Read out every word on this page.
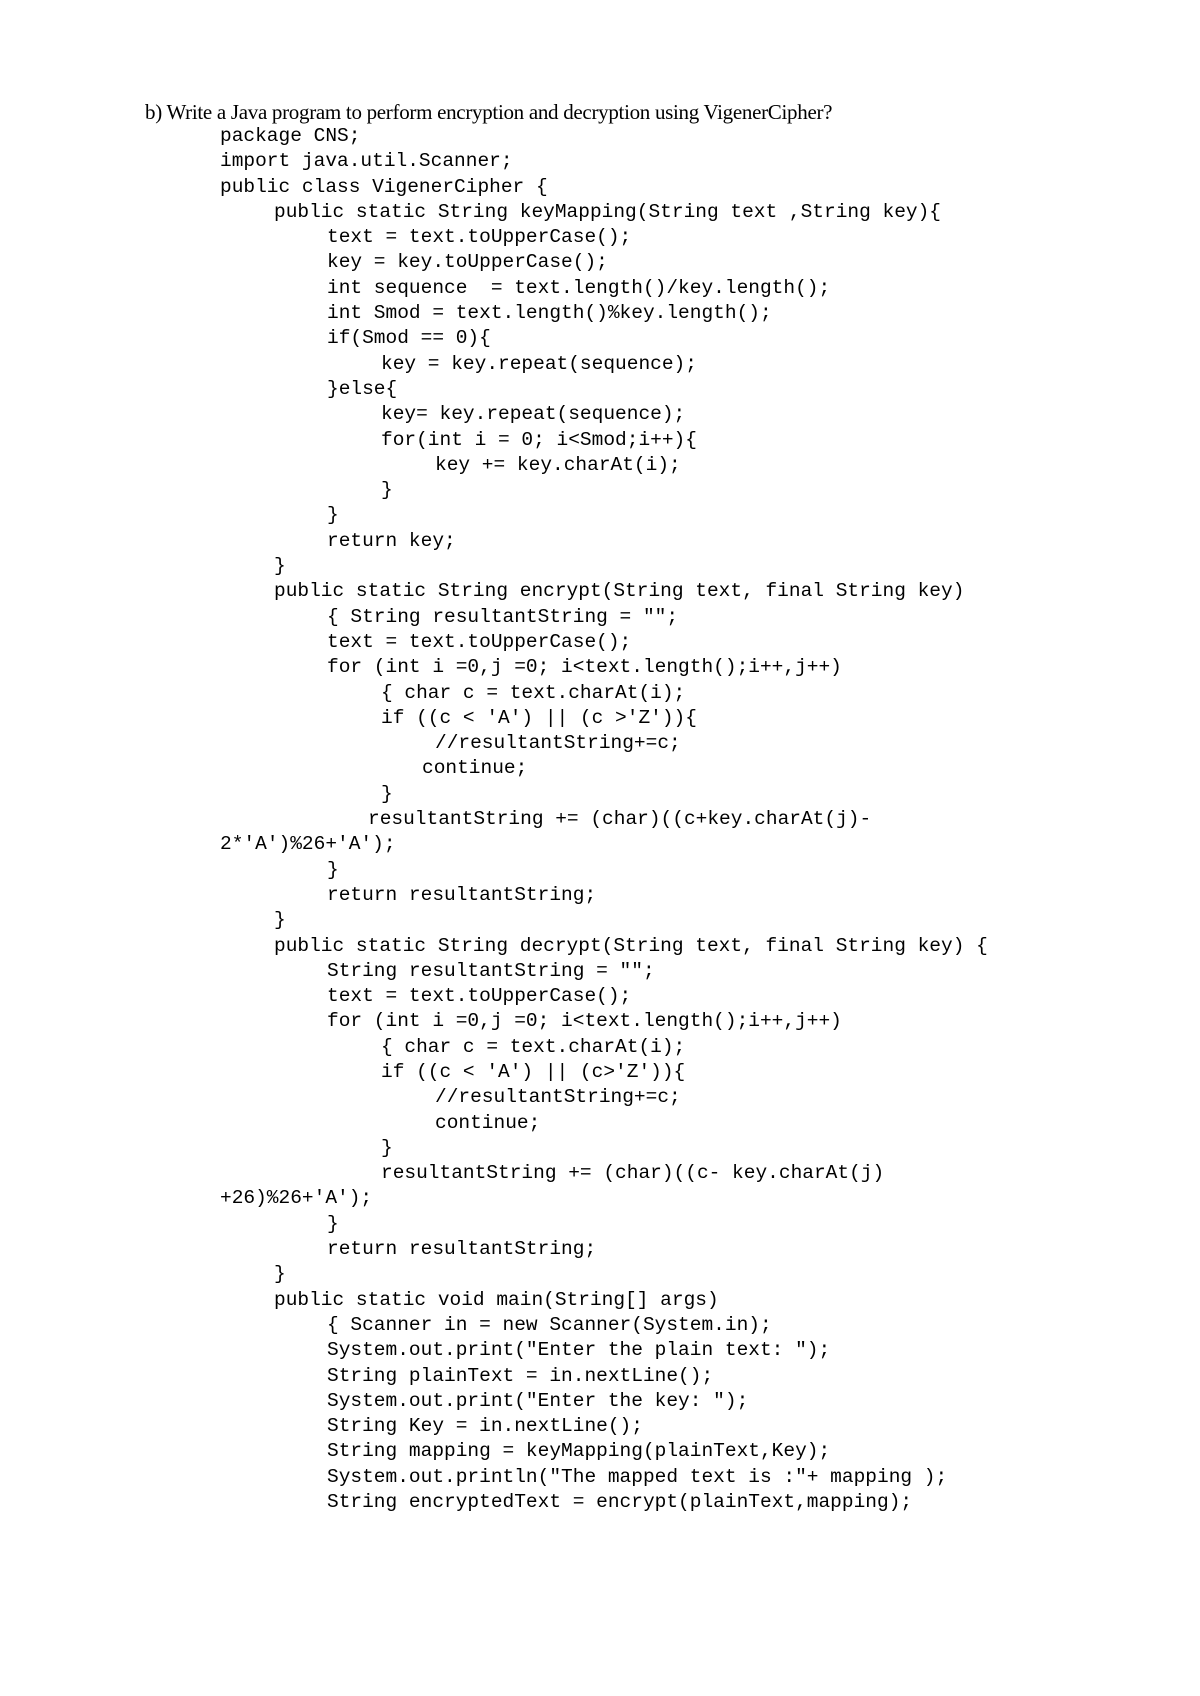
b) Write a Java program to perform encryption and decryption using VigenerCipher?
package CNS;
import java.util.Scanner;
public class VigenerCipher {
public static String keyMapping(String text ,String key){
text = text.toUpperCase();
key = key.toUpperCase();
int sequence  = text.length()/key.length();
int Smod = text.length()%key.length();
if(Smod == 0){
key = key.repeat(sequence);
}else{
key= key.repeat(sequence);
for(int i = 0; i<Smod;i++){
key += key.charAt(i);
}
}
return key;
}
public static String encrypt(String text, final String key)
{ String resultantString = "";
text = text.toUpperCase();
for (int i =0,j =0; i<text.length();i++,j++)
{ char c = text.charAt(i);
if ((c < 'A') || (c >'Z')){
//resultantString+=c;
continue;
}
resultantString += (char)((c+key.charAt(j)-
2*'A')%26+'A');
}
return resultantString;
}
public static String decrypt(String text, final String key) {
String resultantString = "";
text = text.toUpperCase();
for (int i =0,j =0; i<text.length();i++,j++)
{ char c = text.charAt(i);
if ((c < 'A') || (c>'Z')){
//resultantString+=c;
continue;
}
resultantString += (char)((c- key.charAt(j)
+26)%26+'A');
}
return resultantString;
}
public static void main(String[] args)
{ Scanner in = new Scanner(System.in);
System.out.print("Enter the plain text: ");
String plainText = in.nextLine();
System.out.print("Enter the key: ");
String Key = in.nextLine();
String mapping = keyMapping(plainText,Key);
System.out.println("The mapped text is :"+ mapping );
String encryptedText = encrypt(plainText,mapping);
